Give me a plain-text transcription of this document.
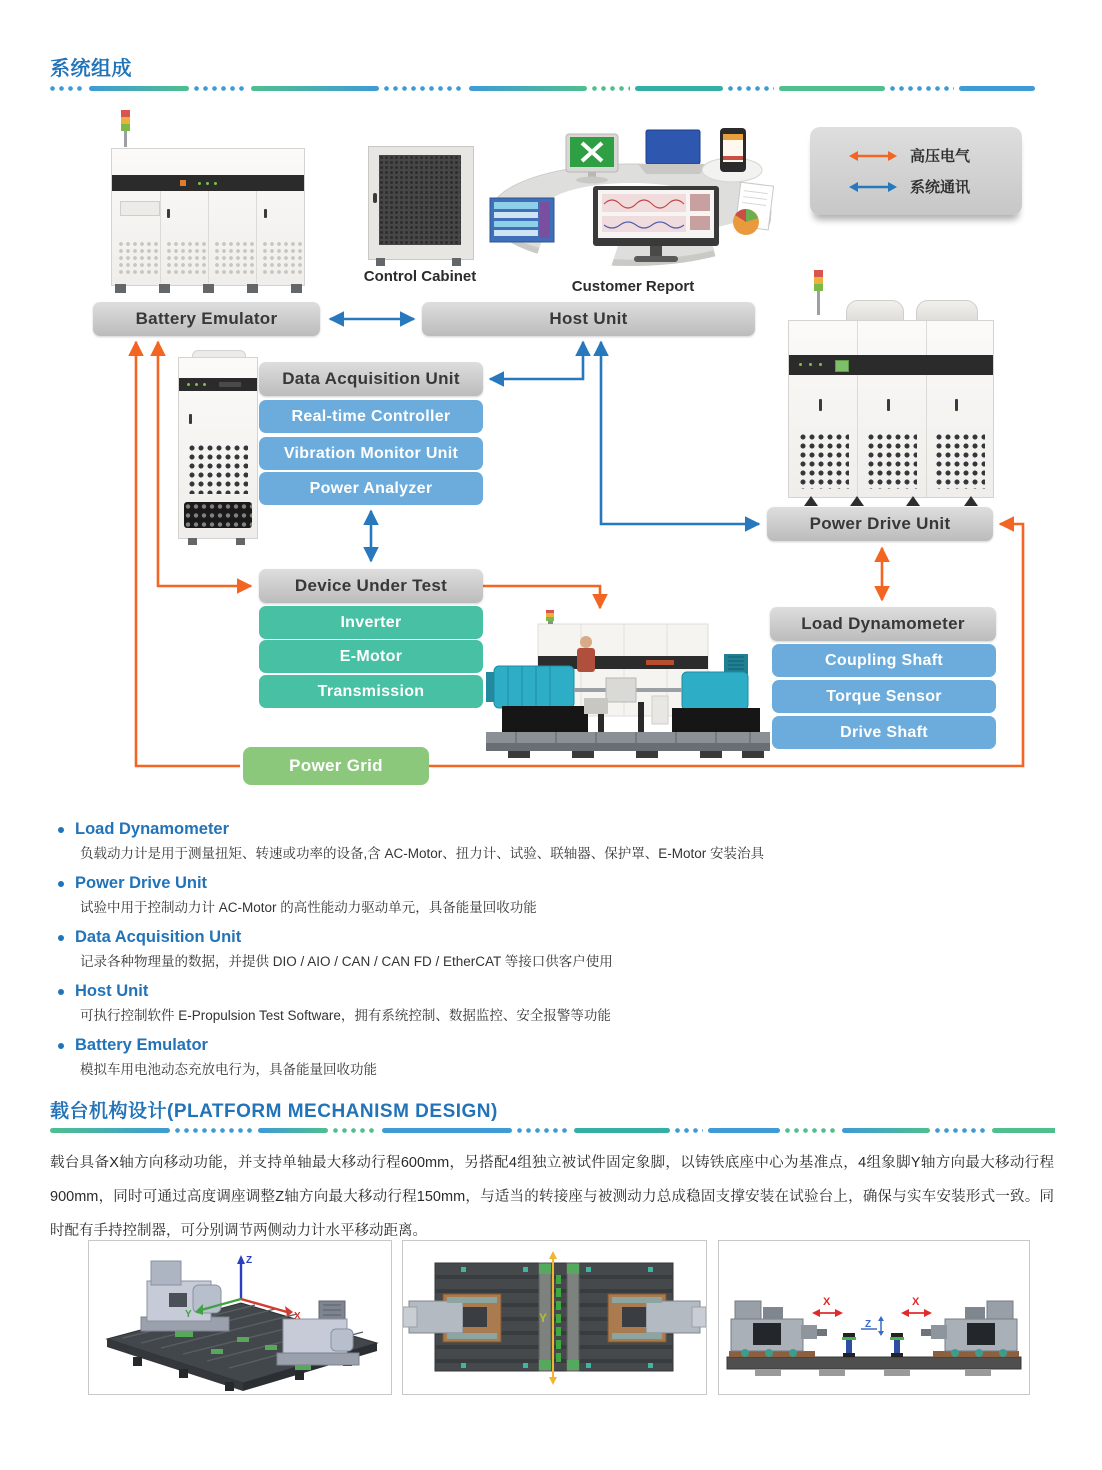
系统组成
Control Cabinet
Customer Report
高压电气
系统通讯
Battery Emulator	Host Unit
Data Acquisition Unit
Real-time Controller
Vibration Monitor Unit
Power Analyzer
Device Under Test
Inverter
E-Motor
Transmission
Power Drive Unit
Load Dynamometer
Coupling Shaft
Torque Sensor
Drive Shaft
Power Grid
Load Dynamometer
负载动力计是用于测量扭矩、转速或功率的设备,含 AC-Motor、扭力计、试验、联轴器、保护罩、E-Motor 安装治具
Power Drive Unit
试验中用于控制动力计 AC-Motor 的高性能动力驱动单元，具备能量回收功能
Data Acquisition Unit
记录各种物理量的数据，并提供 DIO / AIO / CAN / CAN FD / EtherCAT 等接口供客户使用
Host Unit
可执行控制软件 E-Propulsion Test Software，拥有系统控制、数据监控、安全报警等功能
Battery Emulator
模拟车用电池动态充放电行为，具备能量回收功能
载台机构设计(PLATFORM MECHANISM DESIGN)
载台具备X轴方向移动功能，并支持单轴最大移动行程600mm，另搭配4组独立被试件固定象脚，以铸铁底座中心为基准点，4组象脚Y轴方向最大移动行程900mm，同时可通过高度调座调整Z轴方向最大移动行程150mm，与适当的转接座与被测动力总成稳固支撑安装在试验台上，确保与实车安装形式一致。同时配有手持控制器，可分别调节两侧动力计水平移动距离。
Z
X
Y	Y
X	X
Z
